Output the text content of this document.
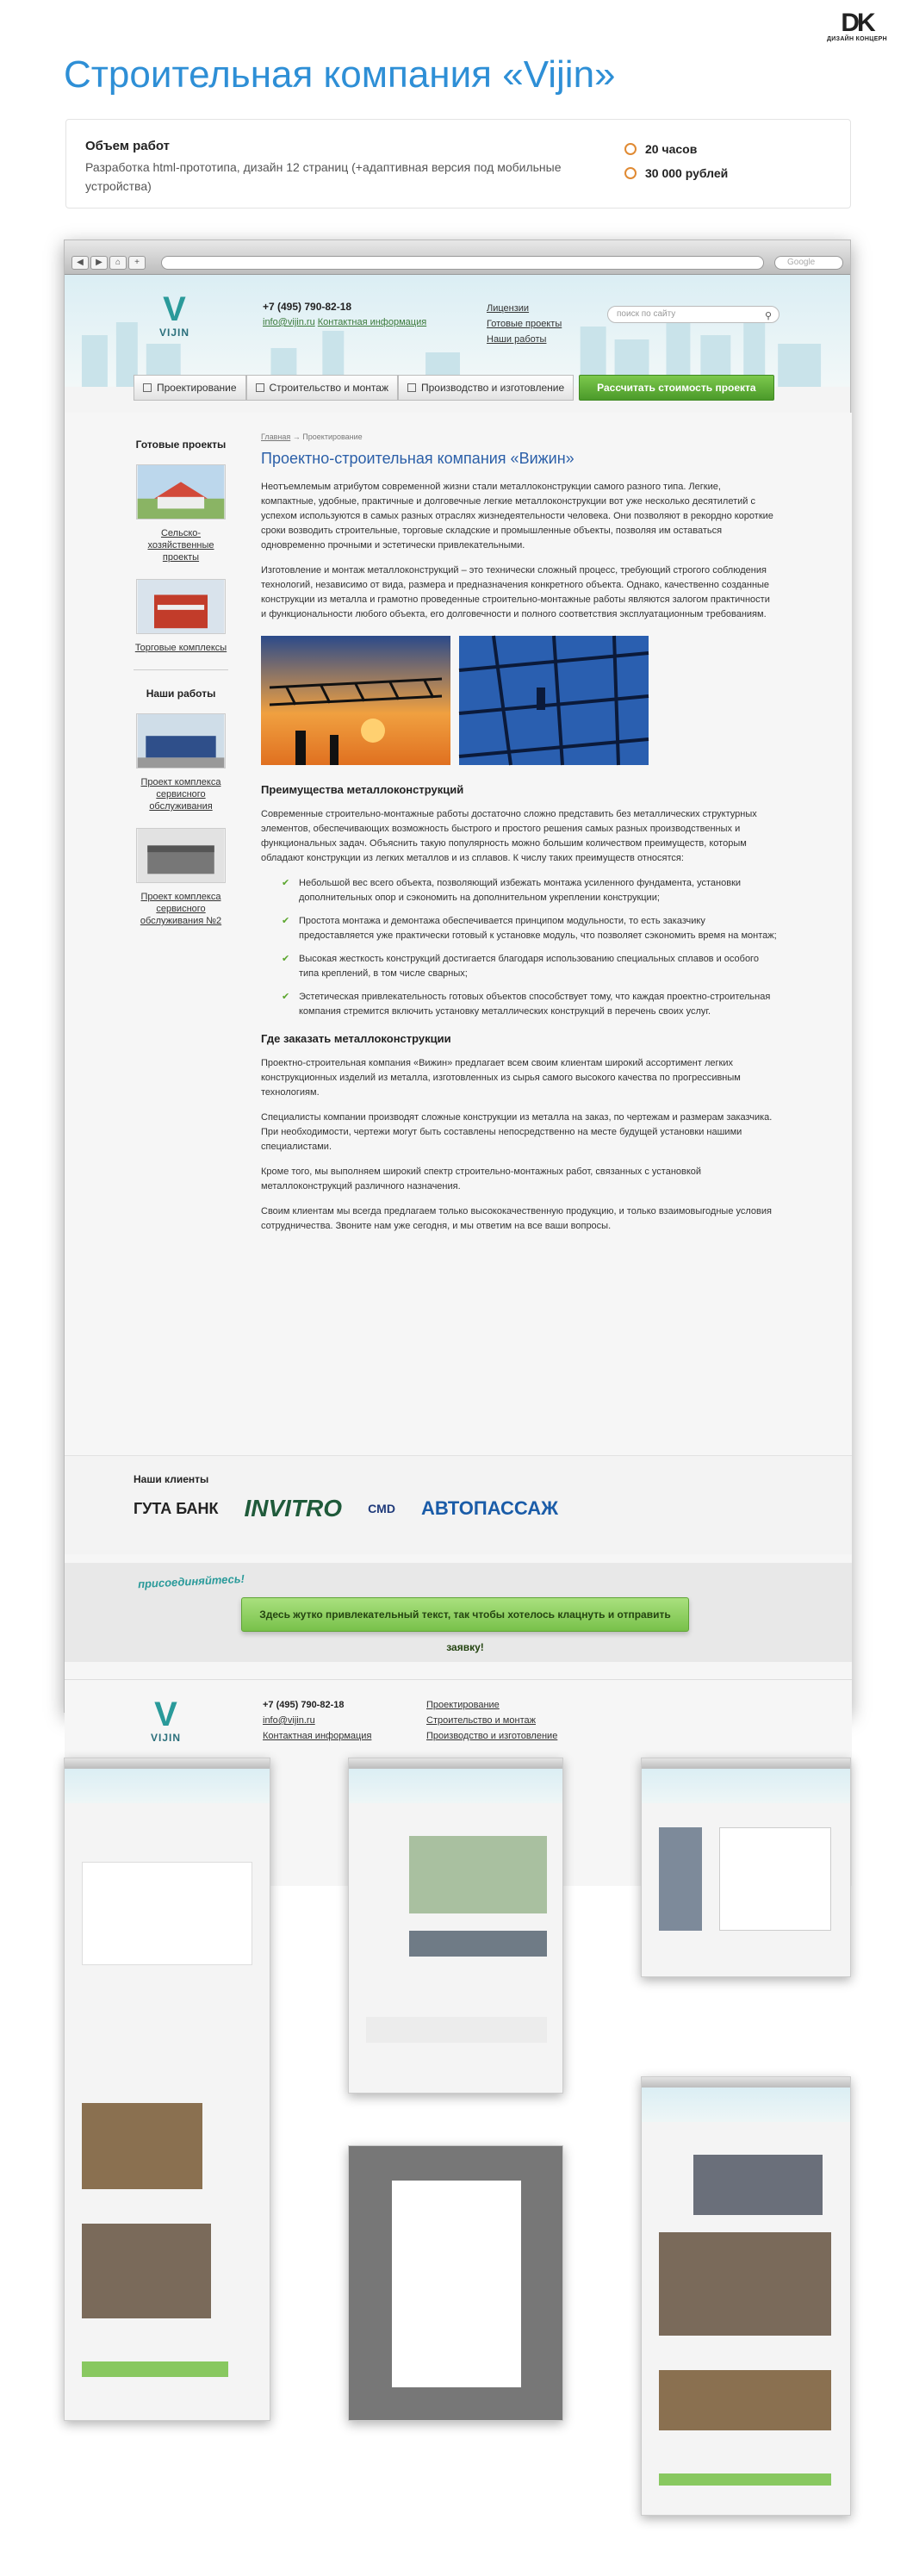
DK
ДИЗАЙН КОНЦЕРН
Строительная компания «Vijin»
Объем работ

Разработка html-прототипа, дизайн 12 страниц (+адаптивная версия под мобильные устройства)

20 часов
30 000 рублей
◀	▶	⌂	+	Google
V
VIJIN
+7 (495) 790-82-18
info@vijin.ru Контактная информация
Лицензии
Готовые проекты
Наши работы
поиск по сайту	⚲
Проектирование	Строительство и монтаж	Производство и изготовление	Рассчитать стоимость проекта
Готовые проекты
Сельско-хозяйственные проекты
Торговые комплексы
Наши работы
Проект комплекса сервисного обслуживания
Проект комплекса сервисного обслуживания №2
Главная → Проектирование
Проектно-строительная компания «Вижин»

Неотъемлемым атрибутом современной жизни стали металлоконструкции самого разного типа. Легкие, компактные, удобные, практичные и долговечные легкие металлоконструкции вот уже несколько десятилетий с успехом используются в самых разных отраслях жизнедеятельности человека. Они позволяют в рекордно короткие сроки возводить строительные, торговые складские и промышленные объекты, позволяя им оставаться одновременно прочными и эстетически привлекательными.

Изготовление и монтаж металлоконструкций – это технически сложный процесс, требующий строгого соблюдения технологий, независимо от вида, размера и предназначения конкретного объекта. Однако, качественно созданные конструкции из металла и грамотно проведенные строительно-монтажные работы являются залогом практичности и функциональности любого объекта, его долговечности и полного соответствия эксплуатационным требованиям.

Преимущества металлоконструкций

Современные строительно-монтажные работы достаточно сложно представить без металлических структурных элементов, обеспечивающих возможность быстрого и простого решения самых разных производственных и функциональных задач. Объяснить такую популярность можно большим количеством преимуществ, которым обладают конструкции из легких металлов и из сплавов. К числу таких преимуществ относятся:

✔ Небольшой вес всего объекта, позволяющий избежать монтажа усиленного фундамента, установки дополнительных опор и сэкономить на дополнительном укреплении конструкции;
✔ Простота монтажа и демонтажа обеспечивается принципом модульности, то есть заказчику предоставляется уже практически готовый к установке модуль, что позволяет сэкономить время на монтаж;
✔ Высокая жесткость конструкций достигается благодаря использованию специальных сплавов и особого типа креплений, в том числе сварных;
✔ Эстетическая привлекательность готовых объектов способствует тому, что каждая проектно-строительная компания стремится включить установку металлических конструкций в перечень своих услуг.
Где заказать металлоконструкции

Проектно-строительная компания «Вижин» предлагает всем своим клиентам широкий ассортимент легких конструкционных изделий из металла, изготовленных из сырья самого высокого качества по прогрессивным технологиям.

Специалисты компании производят сложные конструкции из металла на заказ, по чертежам и размерам заказчика. При необходимости, чертежи могут быть составлены непосредственно на месте будущей установки нашими специалистами.

Кроме того, мы выполняем широкий спектр строительно-монтажных работ, связанных с установкой металлоконструкций различного назначения.

Своим клиентам мы всегда предлагаем только высококачественную продукцию, и только взаимовыгодные условия сотрудничества. Звоните нам уже сегодня, и мы ответим на все ваши вопросы.

Наши клиенты
ГУТА БАНК INVITRO CMD АВТОПАССАЖ
присоединяйтесь!
Здесь жутко привлекательный текст, так чтобы хотелось клацнуть и отправить заявку!
V
VIJIN
+7 (495) 790-82-18
info@vijin.ru
Контактная информация
Проектирование
Строительство и монтаж
Производство и изготовление
